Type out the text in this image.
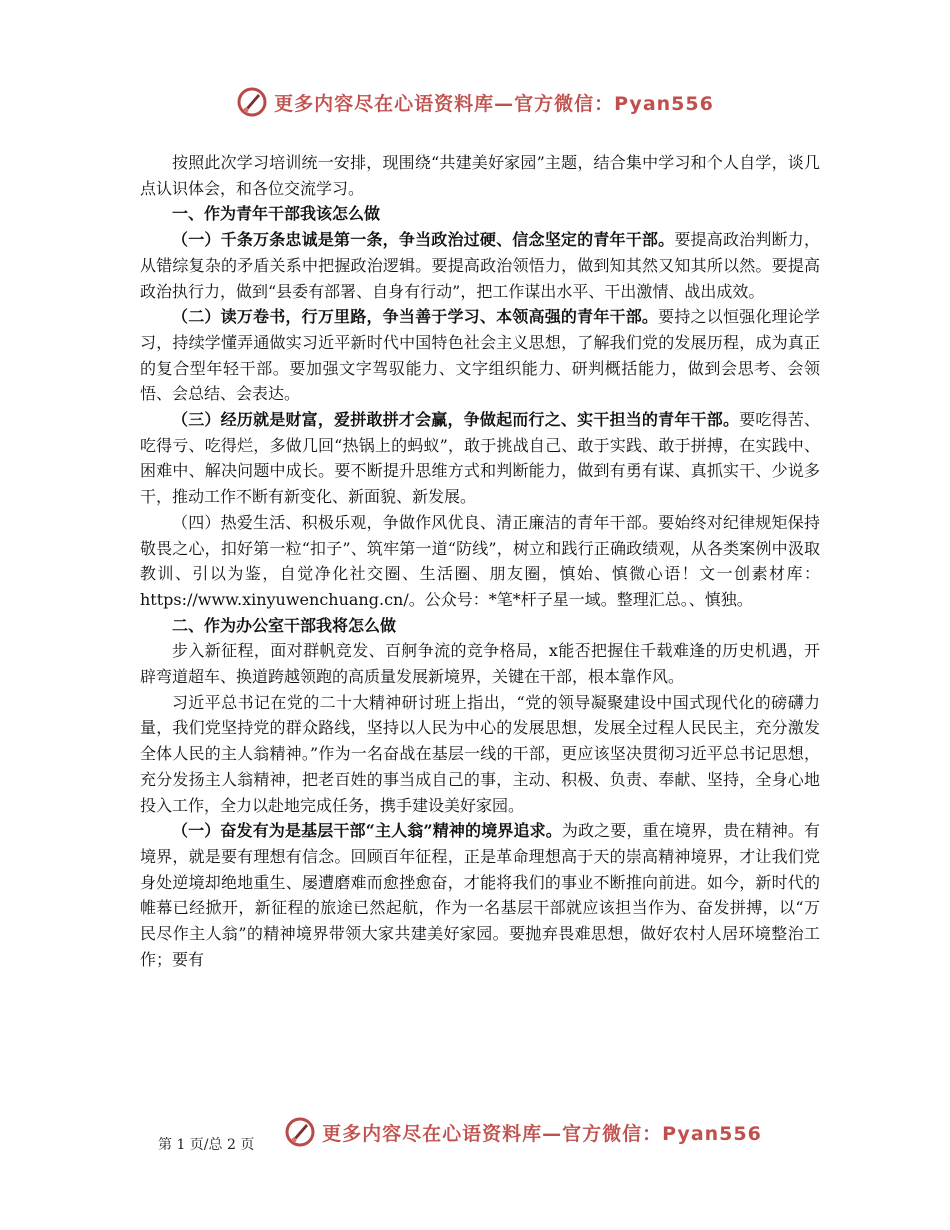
更多内容尽在心语资料库—官方微信：Pyan556

按照此次学习培训统一安排，现围绕“共建美好家园”主题，结合集中学习和个人自学，谈几点认识体会，和各位交流学习。

一、作为青年干部我该怎么做

（一）千条万条忠诚是第一条，争当政治过硬、信念坚定的青年干部。要提高政治判断力，从错综复杂的矛盾关系中把握政治逻辑。要提高政治领悟力，做到知其然又知其所以然。要提高政治执行力，做到“县委有部署、自身有行动”，把工作谋出水平、干出激情、战出成效。

（二）读万卷书，行万里路，争当善于学习、本领高强的青年干部。要持之以恒强化理论学习，持续学懂弄通做实习近平新时代中国特色社会主义思想，了解我们党的发展历程，成为真正的复合型年轻干部。要加强文字驾驭能力、文字组织能力、研判概括能力，做到会思考、会领悟、会总结、会表达。

（三）经历就是财富，爱拼敢拼才会赢，争做起而行之、实干担当的青年干部。要吃得苦、吃得亏、吃得烂，多做几回“热锅上的蚂蚁”，敢于挑战自己、敢于实践、敢于拼搏，在实践中、困难中、解决问题中成长。要不断提升思维方式和判断能力，做到有勇有谋、真抓实干、少说多干，推动工作不断有新变化、新面貌、新发展。

（四）热爱生活、积极乐观，争做作风优良、清正廉洁的青年干部。要始终对纪律规矩保持敬畏之心，扣好第一粒“扣子”、筑牢第一道“防线”，树立和践行正确政绩观，从各类案例中汲取教训、引以为鉴，自觉净化社交圈、生活圈、朋友圈，慎始、慎微心语！文一创素材库：https://www.xinyuwenchuang.cn/。公众号：*笔*杆子星一域。整理汇总。、慎独。

二、作为办公室干部我将怎么做

步入新征程，面对群帆竞发、百舸争流的竞争格局，x能否把握住千载难逢的历史机遇，开辟弯道超车、换道跨越领跑的高质量发展新境界，关键在干部，根本靠作风。

习近平总书记在党的二十大精神研讨班上指出，“党的领导凝聚建设中国式现代化的磅礴力量，我们党坚持党的群众路线，坚持以人民为中心的发展思想，发展全过程人民民主，充分激发全体人民的主人翁精神。”作为一名奋战在基层一线的干部，更应该坚决贯彻习近平总书记思想，充分发扬主人翁精神，把老百姓的事当成自己的事，主动、积极、负责、奉献、坚持，全身心地投入工作，全力以赴地完成任务，携手建设美好家园。

（一）奋发有为是基层干部“主人翁”精神的境界追求。为政之要，重在境界，贵在精神。有境界，就是要有理想有信念。回顾百年征程，正是革命理想高于天的崇高精神境界，才让我们党身处逆境却绝地重生、屡遭磨难而愈挫愈奋，才能将我们的事业不断推向前进。如今，新时代的帷幕已经掀开，新征程的旅途已然起航，作为一名基层干部就应该担当作为、奋发拼搏，以“万民尽作主人翁”的精神境界带领大家共建美好家园。要抛弃畏难思想，做好农村人居环境整治工作；要有

更多内容尽在心语资料库—官方微信：Pyan556
第 1 页/总 2 页
